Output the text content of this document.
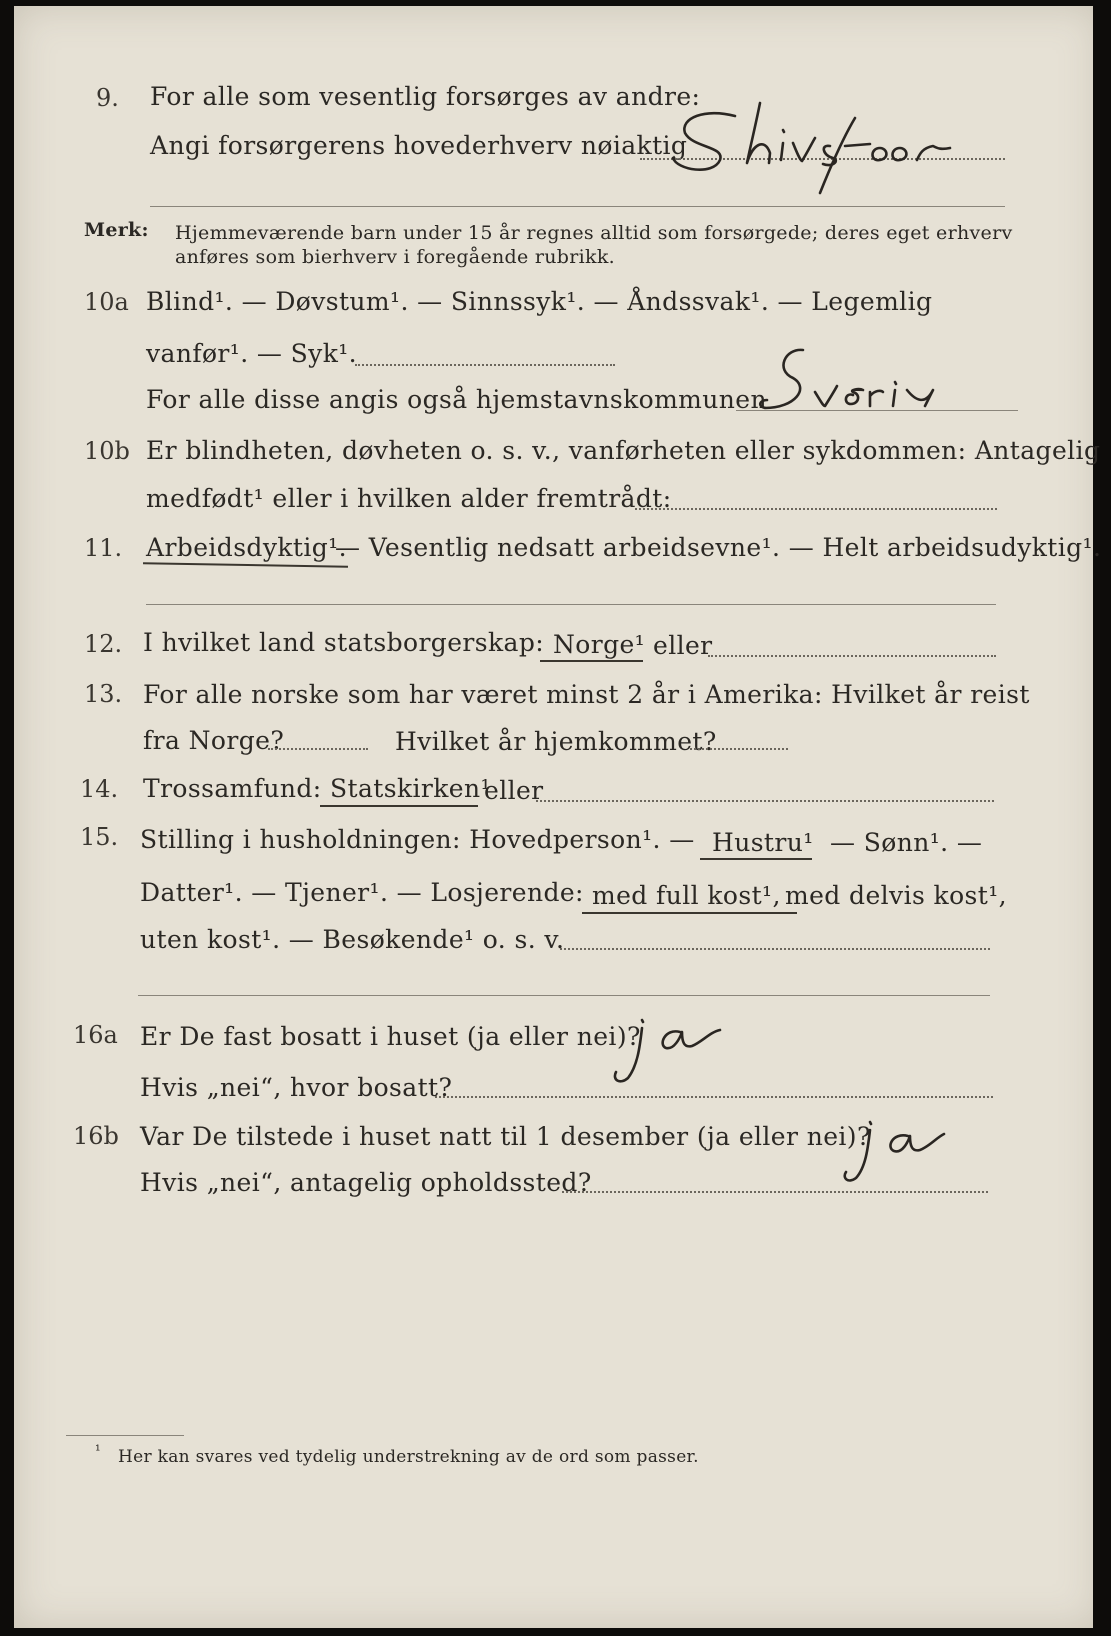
9. For alle som vesentlig forsørges av andre:
Angi forsørgerens hovederhverv nøiaktig
Merk: Hjemmeværende barn under 15 år regnes alltid som forsørgede; deres eget erhverv
anføres som bierhverv i foregående rubrikk.
10a Blind¹. — Døvstum¹. — Sinnssyk¹. — Åndssvak¹. — Legemlig
vanfør¹. — Syk¹.
For alle disse angis også hjemstavnskommunen
10b Er blindheten, døvheten o. s. v., vanførheten eller sykdommen: Antagelig
medfødt¹ eller i hvilken alder fremtrådt:
11. Arbeidsdyktig¹.
— Vesentlig nedsatt arbeidsevne¹. — Helt arbeidsudyktig¹.
12. I hvilket land statsborgerskap: Norge¹ eller
13. For alle norske som har været minst 2 år i Amerika: Hvilket år reist
fra Norge?	Hvilket år hjemkommet?
14. Trossamfund: Statskirken¹
eller
15. Stilling i husholdningen: Hovedperson¹. — Hustru¹ — Sønn¹. —
Datter¹. — Tjener¹. — Losjerende: med full kost¹, med delvis kost¹,
uten kost¹. — Besøkende¹ o. s. v.
16a Er De fast bosatt i huset (ja eller nei)?
Hvis „nei“, hvor bosatt?
16b Var De tilstede i huset natt til 1 desember (ja eller nei)?
Hvis „nei“, antagelig opholdssted?
¹ Her kan svares ved tydelig understrekning av de ord som passer.
